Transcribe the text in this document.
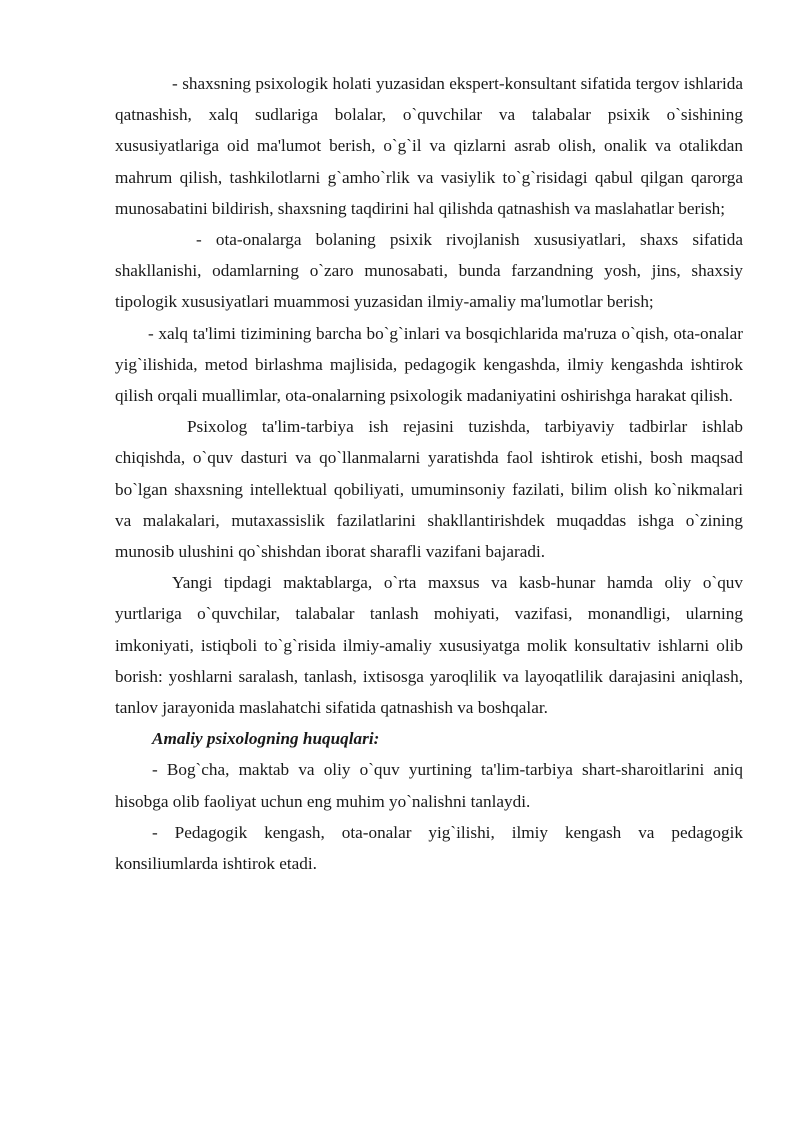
- shaxsning psixologik holati yuzasidan ekspert-konsultant sifatida tergov ishlarida qatnashish, xalq sudlariga bolalar, o`quvchilar va talabalar psixik o`sishining xususiyatlariga oid ma'lumot berish, o`g`il va qizlarni asrab olish, onalik va otalikdan mahrum qilish, tashkilotlarni g`amho`rlik va vasiylik to`g`risidagi qabul qilgan qarorga munosabatini bildirish, shaxsning taqdirini hal qilishda qatnashish va maslahatlar berish;

- ota-onalarga bolaning psixik rivojlanish xususiyatlari, shaxs sifatida shakllanishi, odamlarning o`zaro munosabati, bunda farzandning yosh, jins, shaxsiy tipologik xususiyatlari muammosi yuzasidan ilmiy-amaliy ma'lumotlar berish;

- xalq ta'limi tizimining barcha bo`g`inlari va bosqichlarida ma'ruza o`qish, ota-onalar yig`ilishida, metod birlashma majlisida, pedagogik kengashda, ilmiy kengashda ishtirok qilish orqali muallimlar, ota-onalarning psixologik madaniyatini oshirishga harakat qilish.

Psixolog ta'lim-tarbiya ish rejasini tuzishda, tarbiyaviy tadbirlar ishlab chiqishda, o`quv dasturi va qo`llanmalarni yaratishda faol ishtirok etishi, bosh maqsad bo`lgan shaxsning intellektual qobiliyati, umuminsoniy fazilati, bilim olish ko`nikmalari va malakalari, mutaxassislik fazilatlarini shakllantirishdek muqaddas ishga o`zining munosib ulushini qo`shishdan iborat sharafli vazifani bajaradi.

Yangi tipdagi maktablarga, o`rta maxsus va kasb-hunar hamda oliy o`quv yurtlariga o`quvchilar, talabalar tanlash mohiyati, vazifasi, monandligi, ularning imkoniyati, istiqboli to`g`risida ilmiy-amaliy xususiyatga molik konsultativ ishlarni olib borish: yoshlarni saralash, tanlash, ixtisosga yaroqlilik va layoqatlilik darajasini aniqlash, tanlov jarayonida maslahatchi sifatida qatnashish va boshqalar.

Amaliy psixologning huquqlari:

- Bog`cha, maktab va oliy o`quv yurtining ta'lim-tarbiya shart-sharoitlarini aniq hisobga olib faoliyat uchun eng muhim yo`nalishni tanlaydi.

- Pedagogik kengash, ota-onalar yig`ilishi, ilmiy kengash va pedagogik konsiliumlarda ishtirok etadi.
